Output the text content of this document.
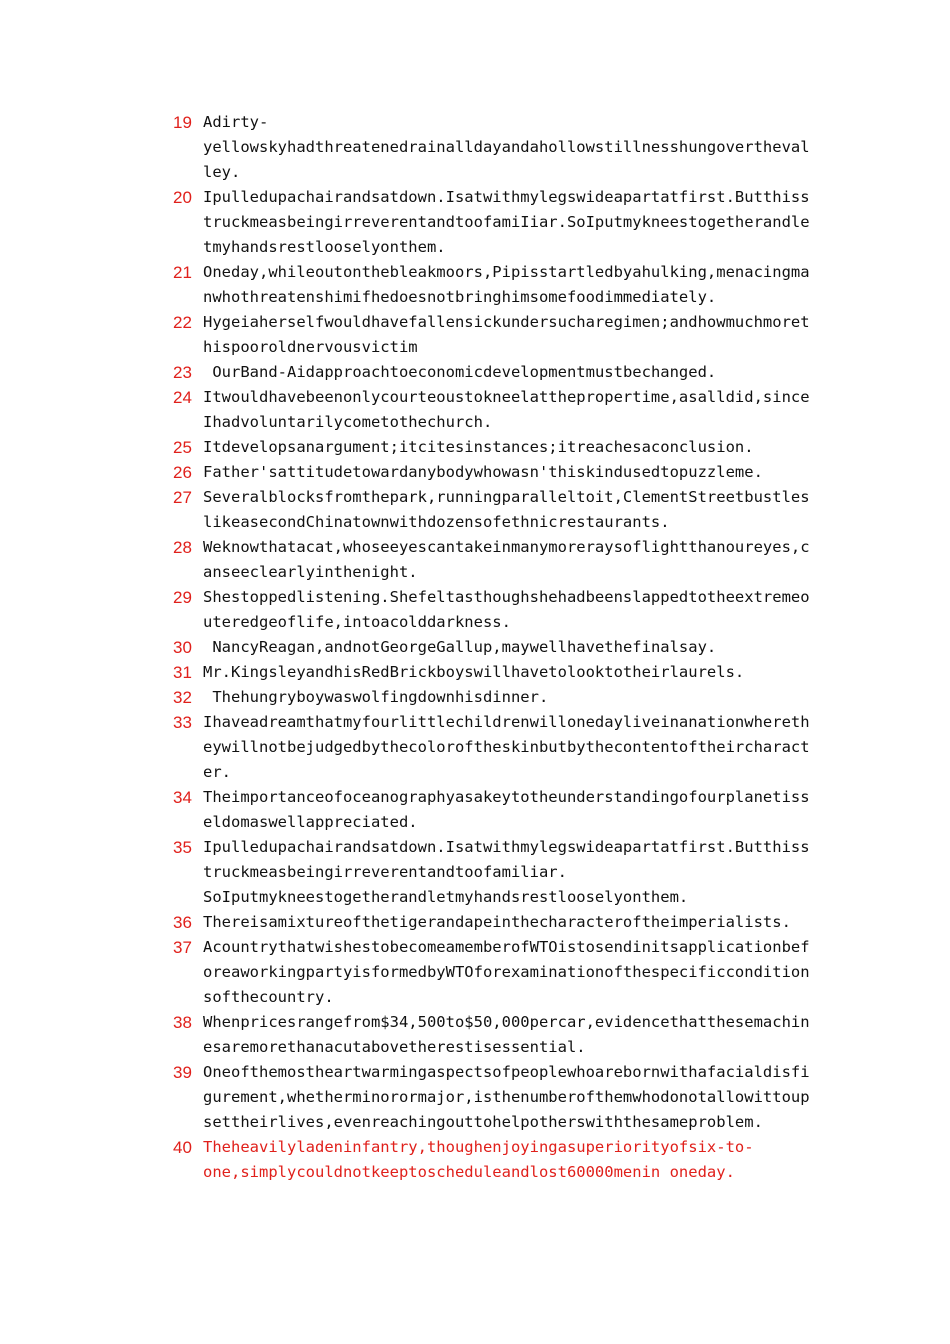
19 Adirty-
yellowskyhadthreatenedrainalldayandahollowstillnesshungoverthevalley.
20 Ipulledupachairandsatdown.Isatwithmylegswideapartatfirst.ButthisstruckmeasbeingirreverentandtoofamiIiar.SoIputmykneestogetherandletmyhandsrestlooselyonthem.
21 Oneday,whileoutonthebleakmoors,Pipisstartledbyahulking,menacingmanwhothreatenshimifhedoesnotbringhimsomefoodimmediately.
22 Hygeiaherselfwouldhavefallensickundersucharegimen;andhowmuchmorethispooroldnervousvictim
23 OurBand-Aidapproachtoeconomicdevelopmentmustbechanged.
24 Itwouldhavebeenonlycourteoustokneelatthepropertime,asalldid,sinceIhadvoluntarilycometothechurch.
25 Itdevelopsanargument;itcitesinstances;itreachesaconclusion.
26 Father'sattitudetowardanybodywhowasn'thiskindusedtopuzzleme.
27 Severalblocksfromthepark,runningparalleltoit,ClementStreetbustleslikeasecondChinatownwithdozensofethnicrestaurants.
28 Weknowthatacat,whoseeyescantakeinmanymoreraysoflightthanoureyes,canseeclearlyinthenight.
29 Shestoppedlistening.Shefeltasthoughshehadbeenslappedtotheextremeouteredgeoflife,intoacolddarkness.
30 NancyReagan,andnotGeorgeGallup,maywellhavethefinalsay.
31 Mr.KingsleyandhisRedBrickboyswillhavetolooktotheirlaurels.
32 Thehungryboywaswolfingdownhisdinner.
33 Ihaveadreamthatmyfourlittlechildrenwillonedayliveinanationwheretheywillnotbejudgedbythecoloroftheskinbutbythecontentoftheircharacter.
34 Theimportanceofoceanographyasakeytotheunderstandingofourplanetisseldomaswellappreciated.
35 Ipulledupachairandsatdown.Isatwithmylegswideapartatfirst.Butthisstruckmeasbeingirreverentandtoofamiliar.
SoIputmykneestogetherandletmyhandsrestlooselyonthem.
36 Thereisamixtureofthetigerandapeinthecharacteroftheimperialists.
37 AcountrythatwishestobecomeamemberofWTOistosendinitsapplicationbeforeaworkingpartyisformedbyWTOforexaminationofthespecificconditionsofthecountry.
38 Whenpricesrangefrom$34,500to$50,000percar,evidencethatthesemachinesaremorethanacutabovetherestisessential.
39 Oneofthemostheartwarmingaspectsofpeoplewhoarebornwithafacialdisfigurement,whetherminorormajor,isthenumberofthemwhodonotallowittoupsettheirlives,evenreachingouttohelpotherswiththesameproblem.
40 Theheavilyladeninfantry,thoughenjoyingasuperiorityofsix-to-
one,simplycouldnotkeeptoscheduleandlost60000menin oneday.
